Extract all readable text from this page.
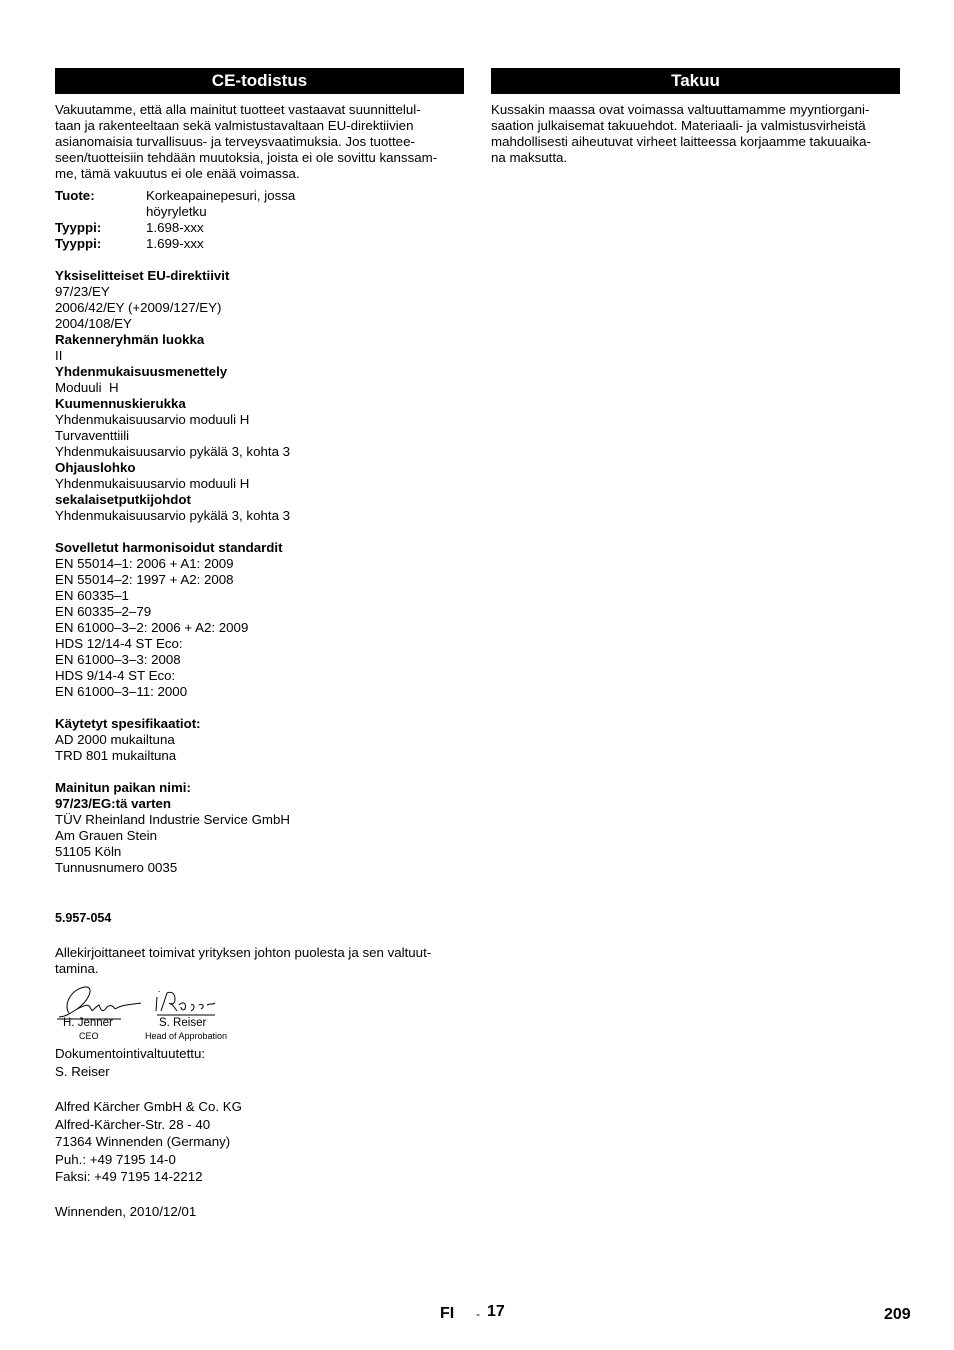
CE-todistus
Vakuutamme, että alla mainitut tuotteet vastaavat suunnittelul-
taan ja rakenteeltaan sekä valmistustavaltaan EU-direktiivien
asianomaisia turvallisuus- ja terveysvaatimuksia. Jos tuottee-
seen/tuotteisiin tehdään muutoksia, joista ei ole sovittu kanssam-
me, tämä vakuutus ei ole enää voimassa.
Tuote:	Korkeapainepesuri, jossa
höyryletku

Tyyppi:	1.698-xxx
Tyyppi:	1.699-xxx
Yksiselitteiset EU-direktiivit
97/23/EY
2006/42/EY (+2009/127/EY)
2004/108/EY
Rakenneryhmän luokka
II
Yhdenmukaisuusmenettely
Moduuli  H
Kuumennuskierukka
Yhdenmukaisuusarvio moduuli H
Turvaventtiili
Yhdenmukaisuusarvio pykälä 3, kohta 3
Ohjauslohko
Yhdenmukaisuusarvio moduuli H
sekalaisetputkijohdot
Yhdenmukaisuusarvio pykälä 3, kohta 3
Sovelletut harmonisoidut standardit
EN 55014–1: 2006 + A1: 2009
EN 55014–2: 1997 + A2: 2008
EN 60335–1
EN 60335–2–79
EN 61000–3–2: 2006 + A2: 2009
HDS 12/14-4 ST Eco:
EN 61000–3–3: 2008
HDS 9/14-4 ST Eco:
EN 61000–3–11: 2000
Käytetyt spesifikaatiot:
AD 2000 mukailtuna
TRD 801 mukailtuna
Mainitun paikan nimi:
97/23/EG:tä varten
TÜV Rheinland Industrie Service GmbH
Am Grauen Stein
51105 Köln
Tunnusnumero 0035
5.957-054
Allekirjoittaneet toimivat yrityksen johton puolesta ja sen valtuut-
tamina.
H. Jenner
CEO
S. Reiser
Head of Approbation
Dokumentointivaltuutettu:
S. Reiser
Alfred Kärcher GmbH & Co. KG
Alfred-Kärcher-Str. 28 - 40
71364 Winnenden (Germany)
Puh.: +49 7195 14-0
Faksi: +49 7195 14-2212
Winnenden, 2010/12/01
Takuu
Kussakin maassa ovat voimassa valtuuttamamme myyntiorgani-
saation julkaisemat takuuehdot. Materiaali- ja valmistusvirheistä
mahdollisesti aiheutuvat virheet laitteessa korjaamme takuuaika-
na maksutta.
FI - 17	209
